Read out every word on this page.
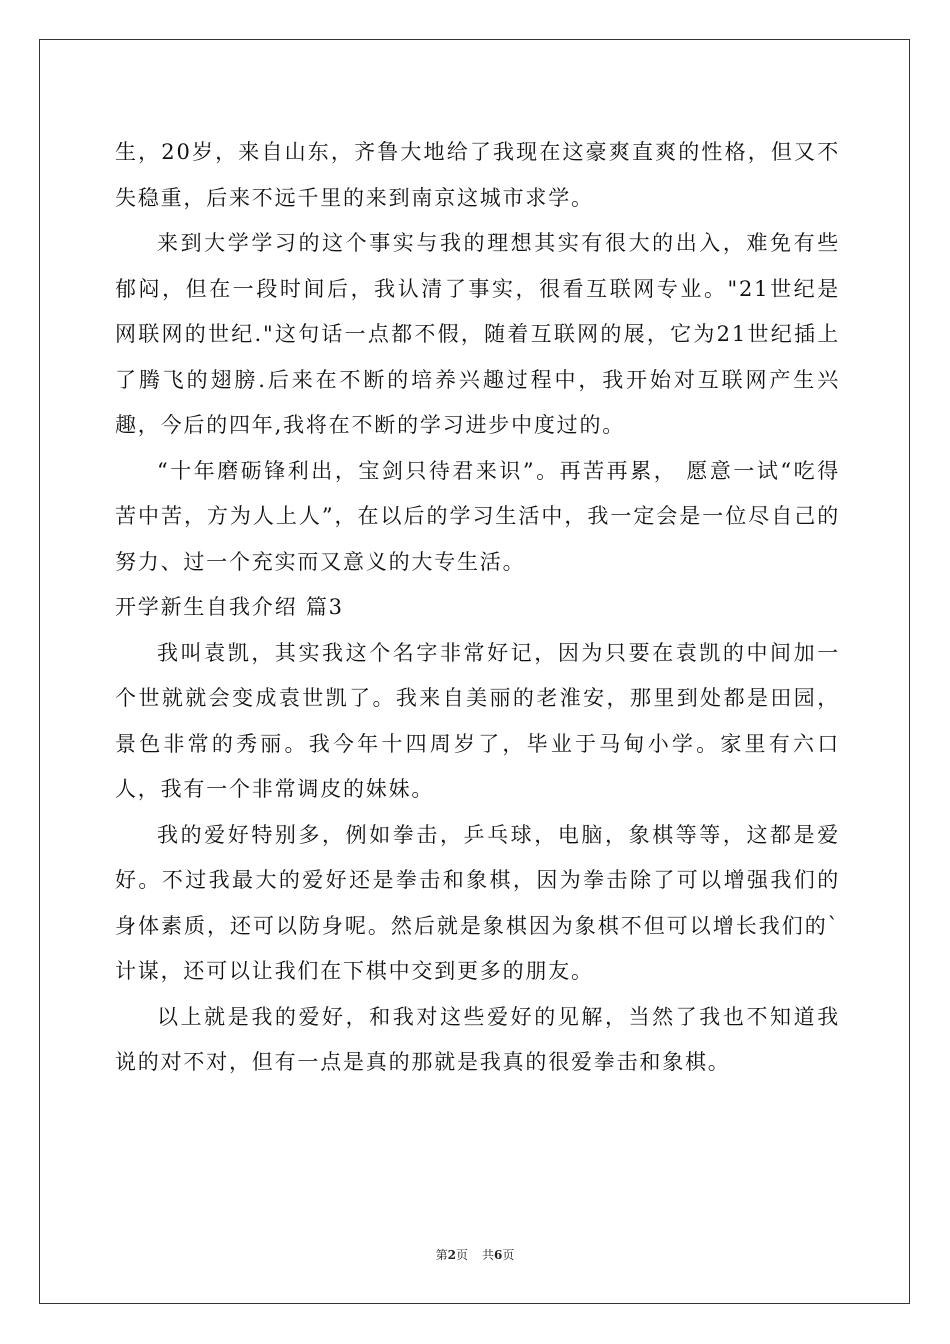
生，20岁，来自山东，齐鲁大地给了我现在这豪爽直爽的性格，但又不失稳重，后来不远千里的来到南京这城市求学。

来到大学学习的这个事实与我的理想其实有很大的出入，难免有些郁闷，但在一段时间后，我认清了事实，很看互联网专业。"21世纪是网联网的世纪."这句话一点都不假，随着互联网的展，它为21世纪插上了腾飞的翅膀.后来在不断的培养兴趣过程中，我开始对互联网产生兴趣，今后的四年,我将在不断的学习进步中度过的。

“十年磨砺锋利出，宝剑只待君来识”。再苦再累， 愿意一试“吃得苦中苦，方为人上人”，在以后的学习生活中，我一定会是一位尽自己的努力、过一个充实而又意义的大专生活。

开学新生自我介绍 篇3

我叫袁凯，其实我这个名字非常好记，因为只要在袁凯的中间加一个世就就会变成袁世凯了。我来自美丽的老淮安，那里到处都是田园，景色非常的秀丽。我今年十四周岁了，毕业于马甸小学。家里有六口人，我有一个非常调皮的妹妹。

我的爱好特别多，例如拳击，乒乓球，电脑，象棋等等，这都是爱好。不过我最大的爱好还是拳击和象棋，因为拳击除了可以增强我们的身体素质，还可以防身呢。然后就是象棋因为象棋不但可以增长我们的`计谋，还可以让我们在下棋中交到更多的朋友。

以上就是我的爱好，和我对这些爱好的见解，当然了我也不知道我说的对不对，但有一点是真的那就是我真的很爱拳击和象棋。

第2页 共6页
